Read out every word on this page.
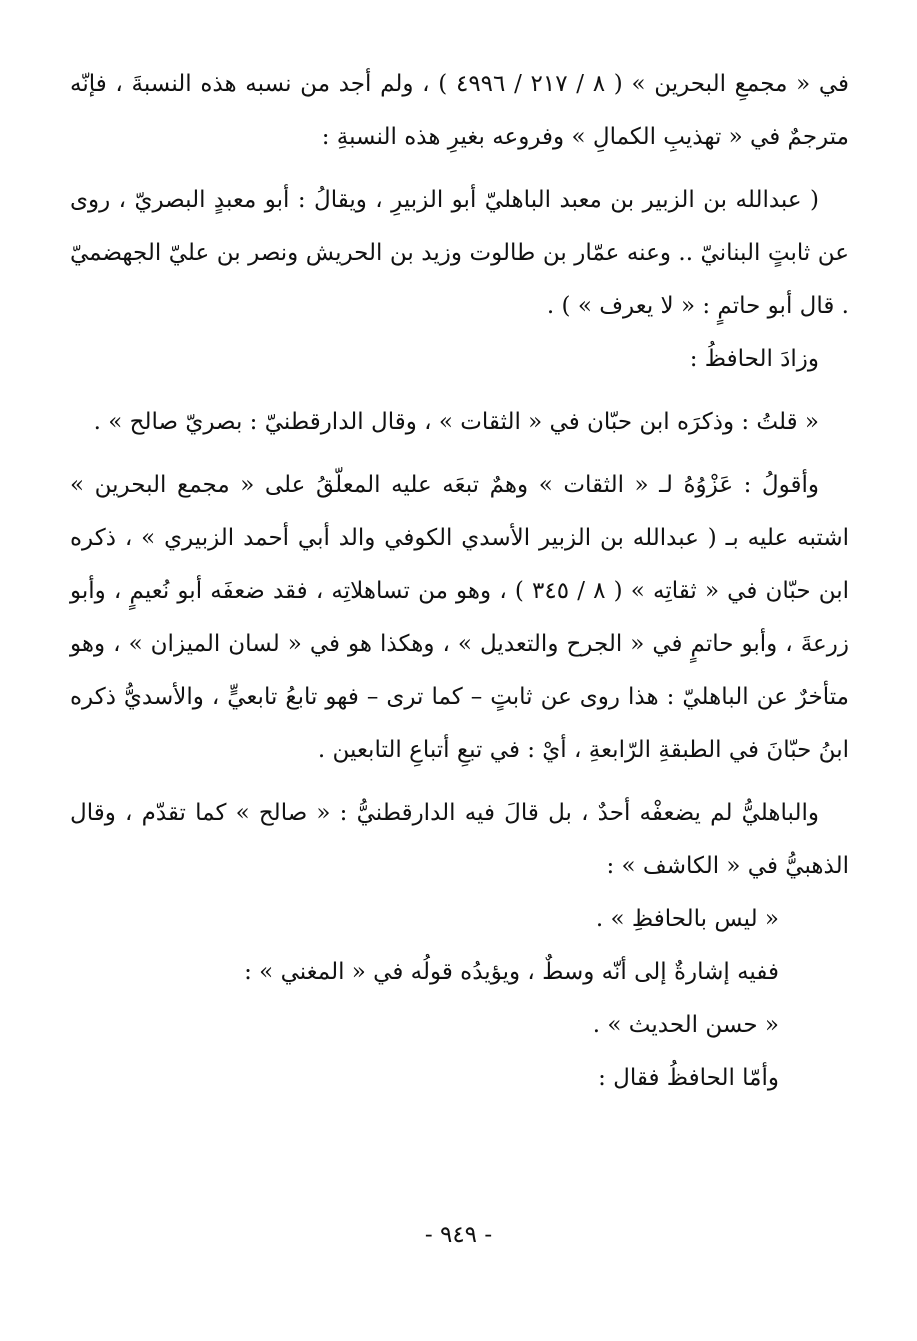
في « مجمعِ البحرين » ( ٨ / ٢١٧ / ٤٩٩٦ ) ، ولم أجد من نسبه هذه النسبةَ ، فإنّه مترجمٌ في « تهذيبِ الكمالِ » وفروعه بغيرِ هذه النسبةِ :

( عبدالله بن الزبير بن معبد الباهليّ أبو الزبيرِ ، ويقالُ : أبو معبدٍ البصريّ ، روى عن ثابتٍ البنانيّ .. وعنه عمّار بن طالوت وزيد بن الحريش ونصر بن عليّ الجهضميّ . قال أبو حاتمٍ : « لا يعرف » ) .

وزادَ الحافظُ :

« قلتُ : وذكرَه ابن حبّان في « الثقات » ، وقال الدارقطنيّ : بصريّ صالح » .

وأقولُ : عَزْوُهُ لـ « الثقات » وهمٌ تبعَه عليه المعلّقُ على « مجمع البحرين » اشتبه عليه بـ ( عبدالله بن الزبير الأسدي الكوفي والد أبي أحمد الزبيري » ، ذكره ابن حبّان في « ثقاتِه » ( ٨ / ٣٤٥ ) ، وهو من تساهلاتِه ، فقد ضعفَه أبو نُعيمٍ ، وأبو زرعةَ ، وأبو حاتمٍ في « الجرح والتعديل » ، وهكذا هو في « لسان الميزان » ، وهو متأخرٌ عن الباهليّ : هذا روى عن ثابتٍ – كما ترى – فهو تابعُ تابعيٍّ ، والأسديُّ ذكره ابنُ حبّانَ في الطبقةِ الرّابعةِ ، أيْ : في تبعِ أتباعِ التابعين .

والباهليُّ لم يضعفْه أحدٌ ، بل قالَ فيه الدارقطنيُّ : « صالح » كما تقدّم ، وقال الذهبيُّ في « الكاشف » :

« ليس بالحافظِ » .

ففيه إشارةٌ إلى أنّه وسطٌ ، ويؤيدُه قولُه في « المغني » :

« حسن الحديث » .

وأمّا الحافظُ فقال :

- ٩٤٩ -
